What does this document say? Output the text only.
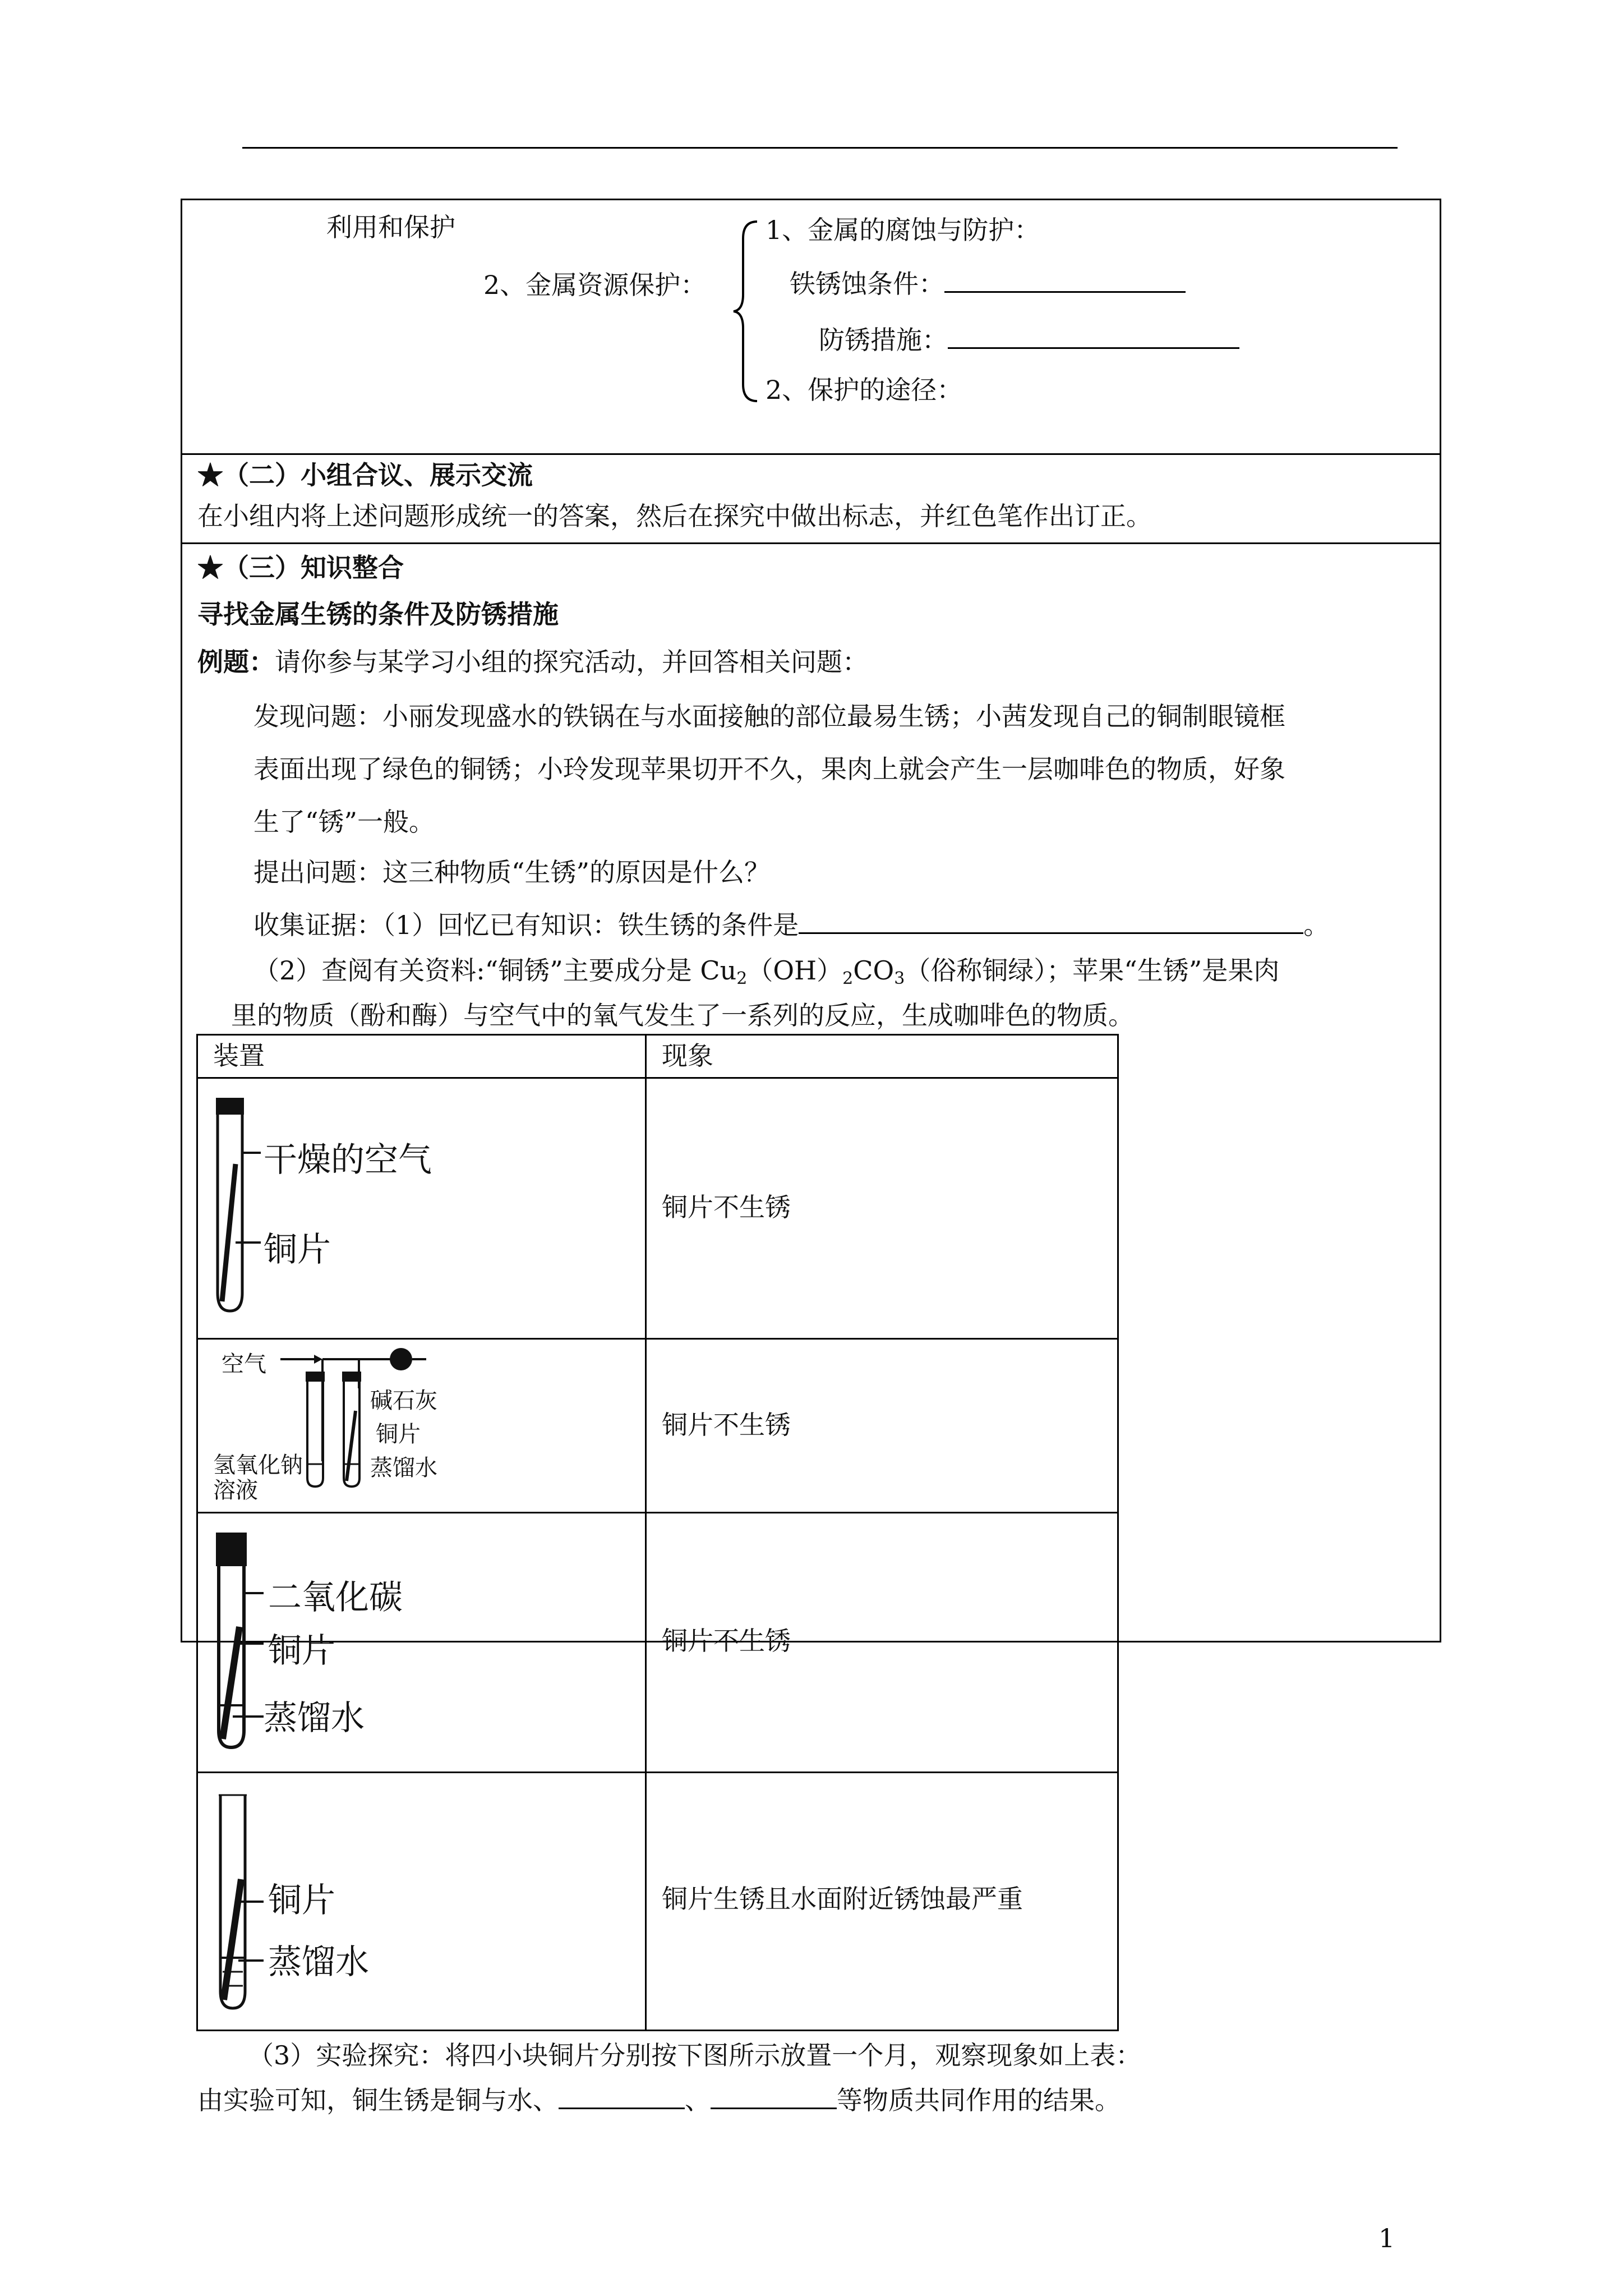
利用和保护
2、金属资源保护：
1、金属的腐蚀与防护：
铁锈蚀条件：
防锈措施：
2、保护的途径：
★（二）小组合议、展示交流
在小组内将上述问题形成统一的答案，然后在探究中做出标志，并红色笔作出订正。
★（三）知识整合
寻找金属生锈的条件及防锈措施
例题：请你参与某学习小组的探究活动，并回答相关问题：
发现问题：小丽发现盛水的铁锅在与水面接触的部位最易生锈；小茜发现自己的铜制眼镜框
表面出现了绿色的铜锈；小玲发现苹果切开不久，果肉上就会产生一层咖啡色的物质，好象
生了“锈”一般。
提出问题：这三种物质“生锈”的原因是什么？
收集证据：（1）回忆已有知识：铁生锈的条件是	。
（2）查阅有关资料:“铜锈”主要成分是 $Cu_2(OH)_2CO_3$（俗称铜绿）；苹果“生锈”是果肉
里的物质（酚和酶）与空气中的氧气发生了一系列的反应，生成咖啡色的物质。
装置	现象
干燥的空气
铜片
铜片不生锈
空气
碱石灰
铜片
氢氧化钠
溶液
蒸馏水
铜片不生锈
二氧化碳
铜片
蒸馏水
铜片不生锈
铜片
蒸馏水
铜片生锈且水面附近锈蚀最严重
（3）实验探究：将四小块铜片分别按下图所示放置一个月，观察现象如上表：
由实验可知，铜生锈是铜与水、	、	等物质共同作用的结果。
1
